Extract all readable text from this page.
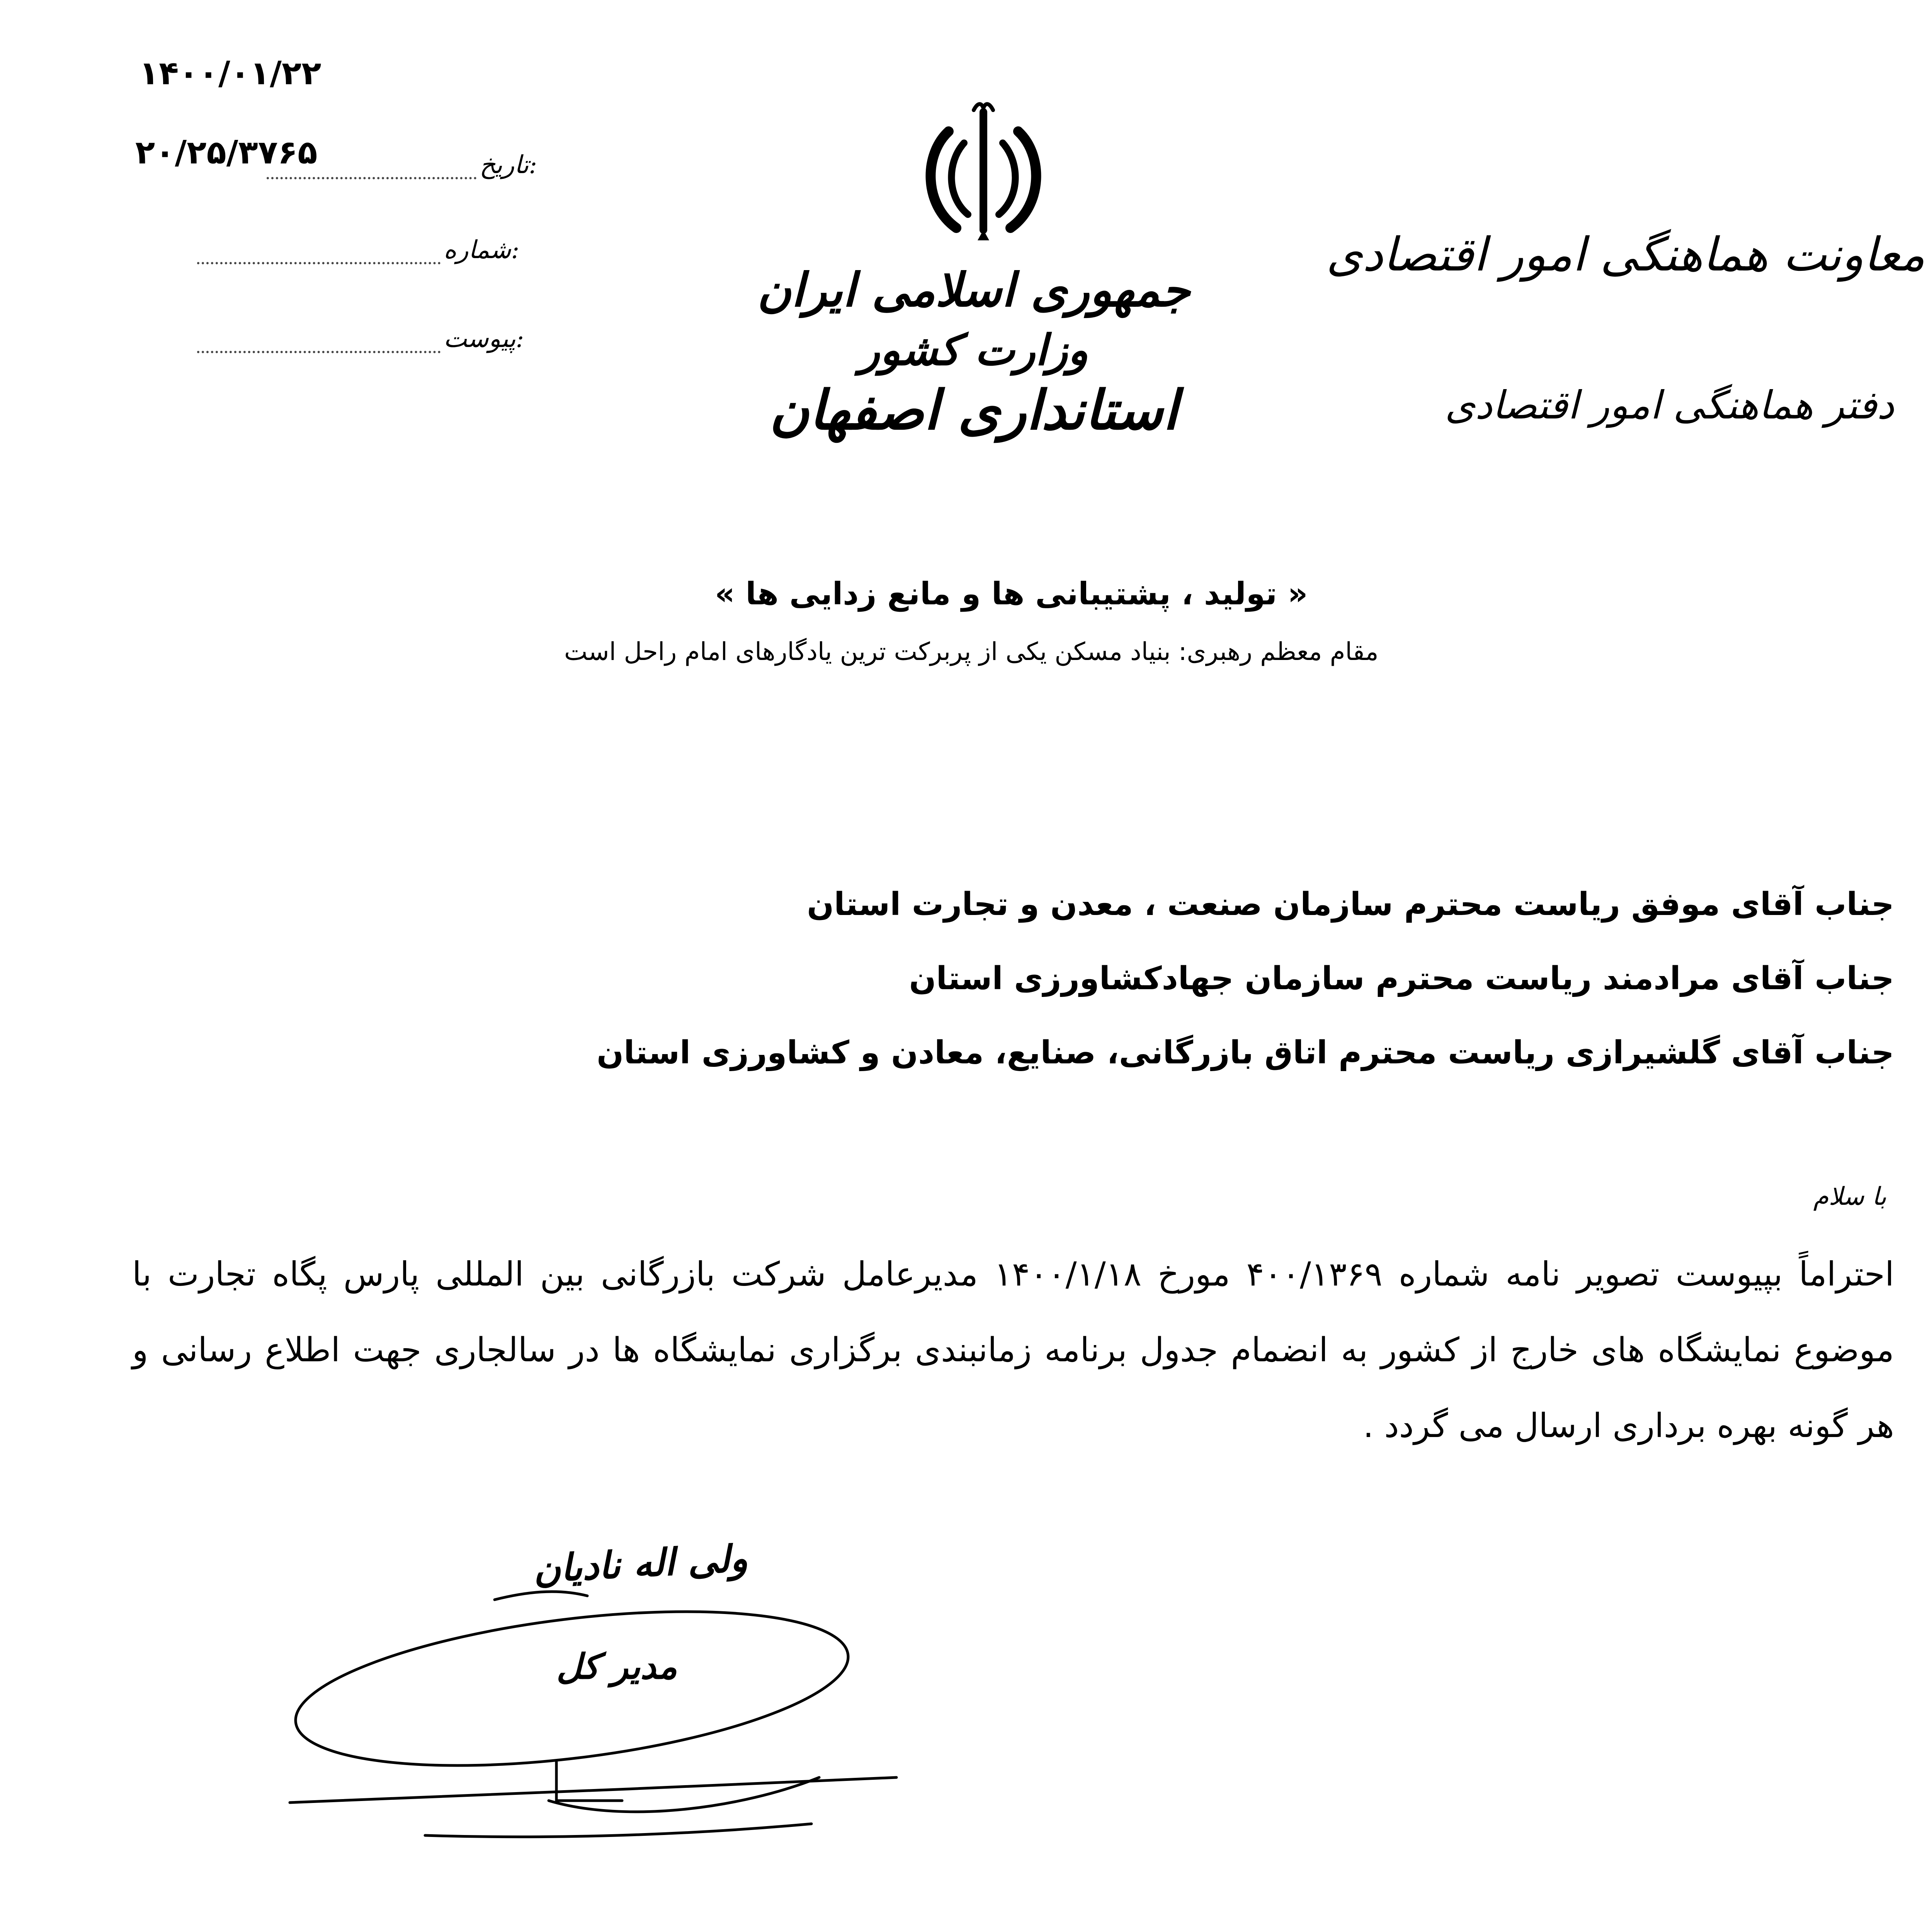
۱۴۰۰/۰۱/۲۲
تاریخ:
۲۰/۲۵/۳۷۶۵
شماره:
پیوست:
جمهوری اسلامی ایران
وزارت کشور
استانداری اصفهان
معاونت هماهنگی امور اقتصادی
دفتر هماهنگی امور اقتصادی
« تولید ، پشتیبانی ها و مانع زدایی ها »
مقام معظم رهبری: بنیاد مسکن یکی از پربرکت ترین یادگارهای امام راحل است
جناب آقای موفق ریاست محترم سازمان صنعت ، معدن و تجارت استان
جناب آقای مرادمند ریاست محترم سازمان جهادکشاورزی استان
جناب آقای گلشیرازی ریاست محترم اتاق بازرگانی، صنایع، معادن و کشاورزی استان
با سلام
احتراماً بپیوست تصویر نامه شماره ۴۰۰/۱۳۶۹ مورخ ۱۴۰۰/۱/۱۸ مدیرعامل شرکت بازرگانی بین المللی پارس پگاه تجارت با موضوع نمایشگاه های خارج از کشور به انضمام جدول برنامه زمانبندی برگزاری نمایشگاه ها در سالجاری جهت اطلاع رسانی و هر گونه بهره برداری ارسال می گردد .
ولی اله نادیان
مدیر کل
